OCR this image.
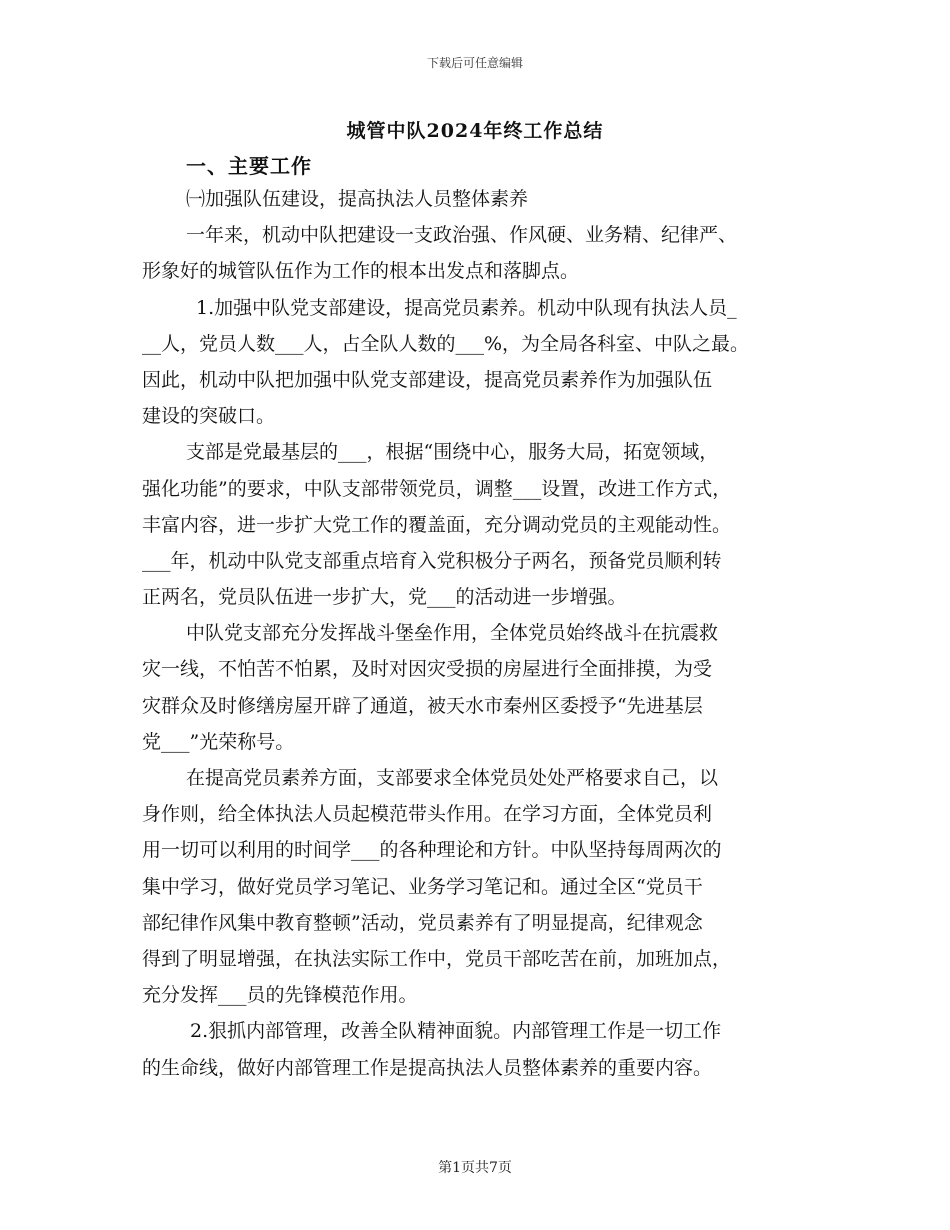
下载后可任意编辑
城管中队2024年终工作总结
一、主要工作
㈠加强队伍建设，提高执法人员整体素养
一年来，机动中队把建设一支政治强、作风硬、业务精、纪律严、
形象好的城管队伍作为工作的根本出发点和落脚点。
1.加强中队党支部建设，提高党员素养。机动中队现有执法人员_
__人，党员人数___人，占全队人数的___%，为全局各科室、中队之最。
因此，机动中队把加强中队党支部建设，提高党员素养作为加强队伍
建设的突破口。
支部是党最基层的___，根据“围绕中心，服务大局，拓宽领域，
强化功能”的要求，中队支部带领党员，调整___设置，改进工作方式，
丰富内容，进一步扩大党工作的覆盖面，充分调动党员的主观能动性。
___年，机动中队党支部重点培育入党积极分子两名，预备党员顺利转
正两名，党员队伍进一步扩大，党___的活动进一步增强。
中队党支部充分发挥战斗堡垒作用，全体党员始终战斗在抗震救
灾一线，不怕苦不怕累，及时对因灾受损的房屋进行全面排摸，为受
灾群众及时修缮房屋开辟了通道，被天水市秦州区委授予“先进基层
党___”光荣称号。
在提高党员素养方面，支部要求全体党员处处严格要求自己，以
身作则，给全体执法人员起模范带头作用。在学习方面，全体党员利
用一切可以利用的时间学___的各种理论和方针。中队坚持每周两次的
集中学习，做好党员学习笔记、业务学习笔记和。通过全区“党员干
部纪律作风集中教育整顿”活动，党员素养有了明显提高，纪律观念
得到了明显增强，在执法实际工作中，党员干部吃苦在前，加班加点，
充分发挥___员的先锋模范作用。
2.狠抓内部管理，改善全队精神面貌。内部管理工作是一切工作
的生命线，做好内部管理工作是提高执法人员整体素养的重要内容。
第1页共7页
